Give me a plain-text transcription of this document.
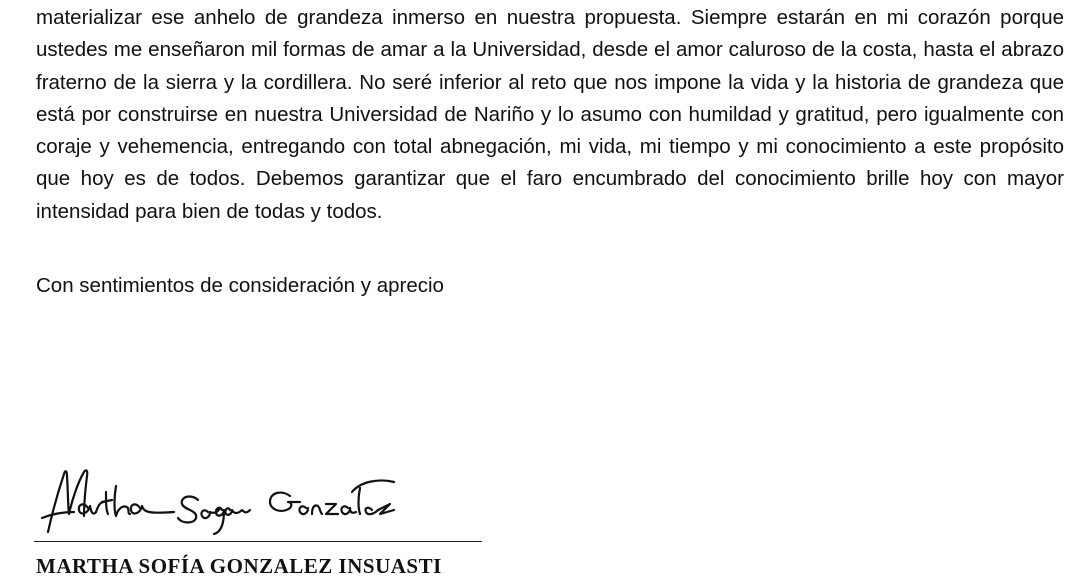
materializar ese anhelo de grandeza inmerso en nuestra propuesta. Siempre estarán en mi corazón porque ustedes me enseñaron mil formas de amar a la Universidad, desde el amor caluroso de la costa, hasta el abrazo fraterno de la sierra y la cordillera. No seré inferior al reto que nos impone la vida y la historia de grandeza que está por construirse en nuestra Universidad de Nariño y lo asumo con humildad y gratitud, pero igualmente con coraje y vehemencia, entregando con total abnegación, mi vida, mi tiempo y mi conocimiento a este propósito que hoy es de todos. Debemos garantizar que el faro encumbrado del conocimiento brille hoy con mayor intensidad para bien de todas y todos.

Con sentimientos de consideración y aprecio

MARTHA SOFÍA GONZALEZ INSUASTI
